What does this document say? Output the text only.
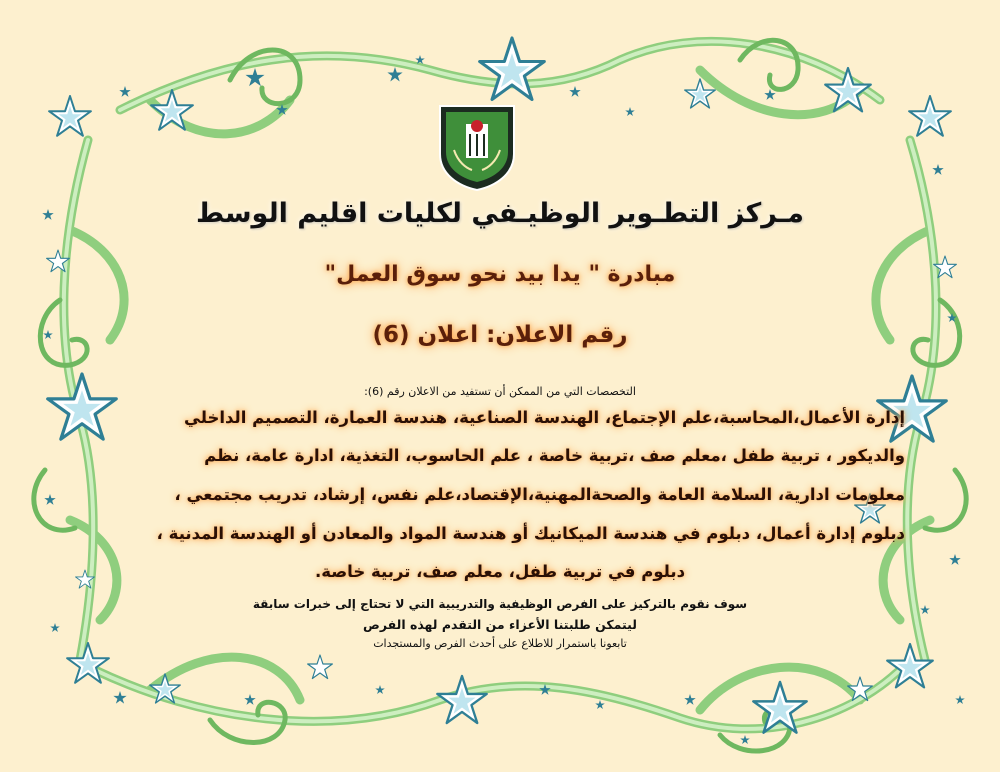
مـركز التطـوير الوظيـفي لكليات اقليم الوسط
مبادرة " يدا بيد نحو سوق العمل"
رقم الاعلان: اعلان (6)
التخصصات التي من الممكن أن تستفيد من الاعلان رقم (6):
إدارة الأعمال،المحاسبة،علم الإجتماع، الهندسة الصناعية، هندسة العمارة، التصميم الداخلي
والديكور ، تربية طفل ،معلم صف ،تربية خاصة ، علم الحاسوب، التغذية، ادارة عامة، نظم
معلومات ادارية، السلامة العامة والصحةالمهنية،الإقتصاد،علم نفس، إرشاد، تدريب مجتمعي ،
دبلوم إدارة أعمال، دبلوم في هندسة الميكانيك أو هندسة المواد والمعادن أو الهندسة المدنية ،
دبلوم في تربية طفل، معلم صف، تربية خاصة.
سوف نقوم بالتركيز على الفرص الوظيفية والتدريبية التي لا تحتاج إلى خبرات سابقة
ليتمكن طلبتنا الأعزاء من التقدم لهذه الفرص
تابعونا باستمرار للاطلاع على أحدث الفرص والمستجدات
